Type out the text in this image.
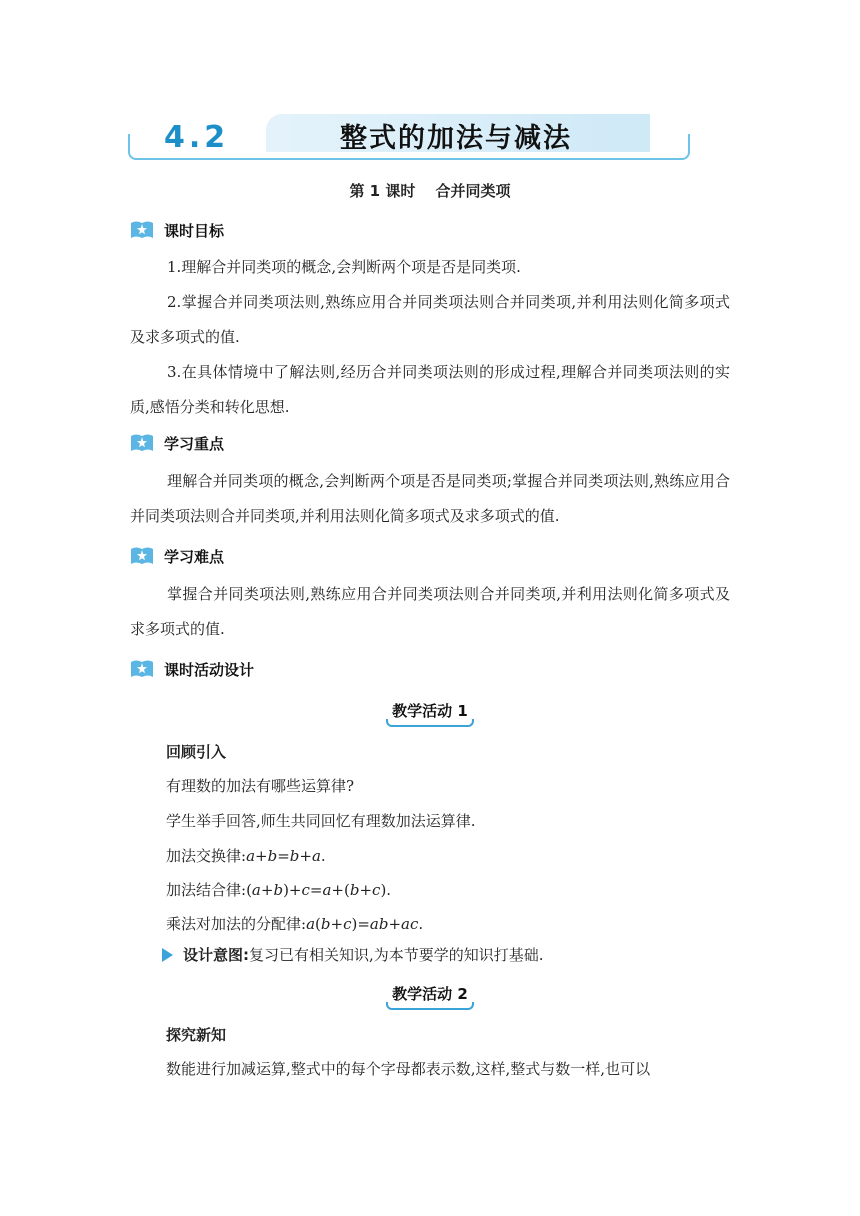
4.2	整式的加法与减法
第 1 课时　 合并同类项
课时目标
1.理解合并同类项的概念,会判断两个项是否是同类项.
2.掌握合并同类项法则,熟练应用合并同类项法则合并同类项,并利用法则化简多项式及求多项式的值.
3.在具体情境中了解法则,经历合并同类项法则的形成过程,理解合并同类项法则的实质,感悟分类和转化思想.
学习重点
理解合并同类项的概念,会判断两个项是否是同类项;掌握合并同类项法则,熟练应用合并同类项法则合并同类项,并利用法则化简多项式及求多项式的值.
学习难点
掌握合并同类项法则,熟练应用合并同类项法则合并同类项,并利用法则化简多项式及求多项式的值.
课时活动设计
教学活动 1
回顾引入
有理数的加法有哪些运算律?
学生举手回答,师生共同回忆有理数加法运算律.
加法交换律:a+b=b+a.
加法结合律:(a+b)+c=a+(b+c).
乘法对加法的分配律:a(b+c)=ab+ac.
设计意图: 复习已有相关知识,为本节要学的知识打基础.
教学活动 2
探究新知
数能进行加减运算,整式中的每个字母都表示数,这样,整式与数一样,也可以
